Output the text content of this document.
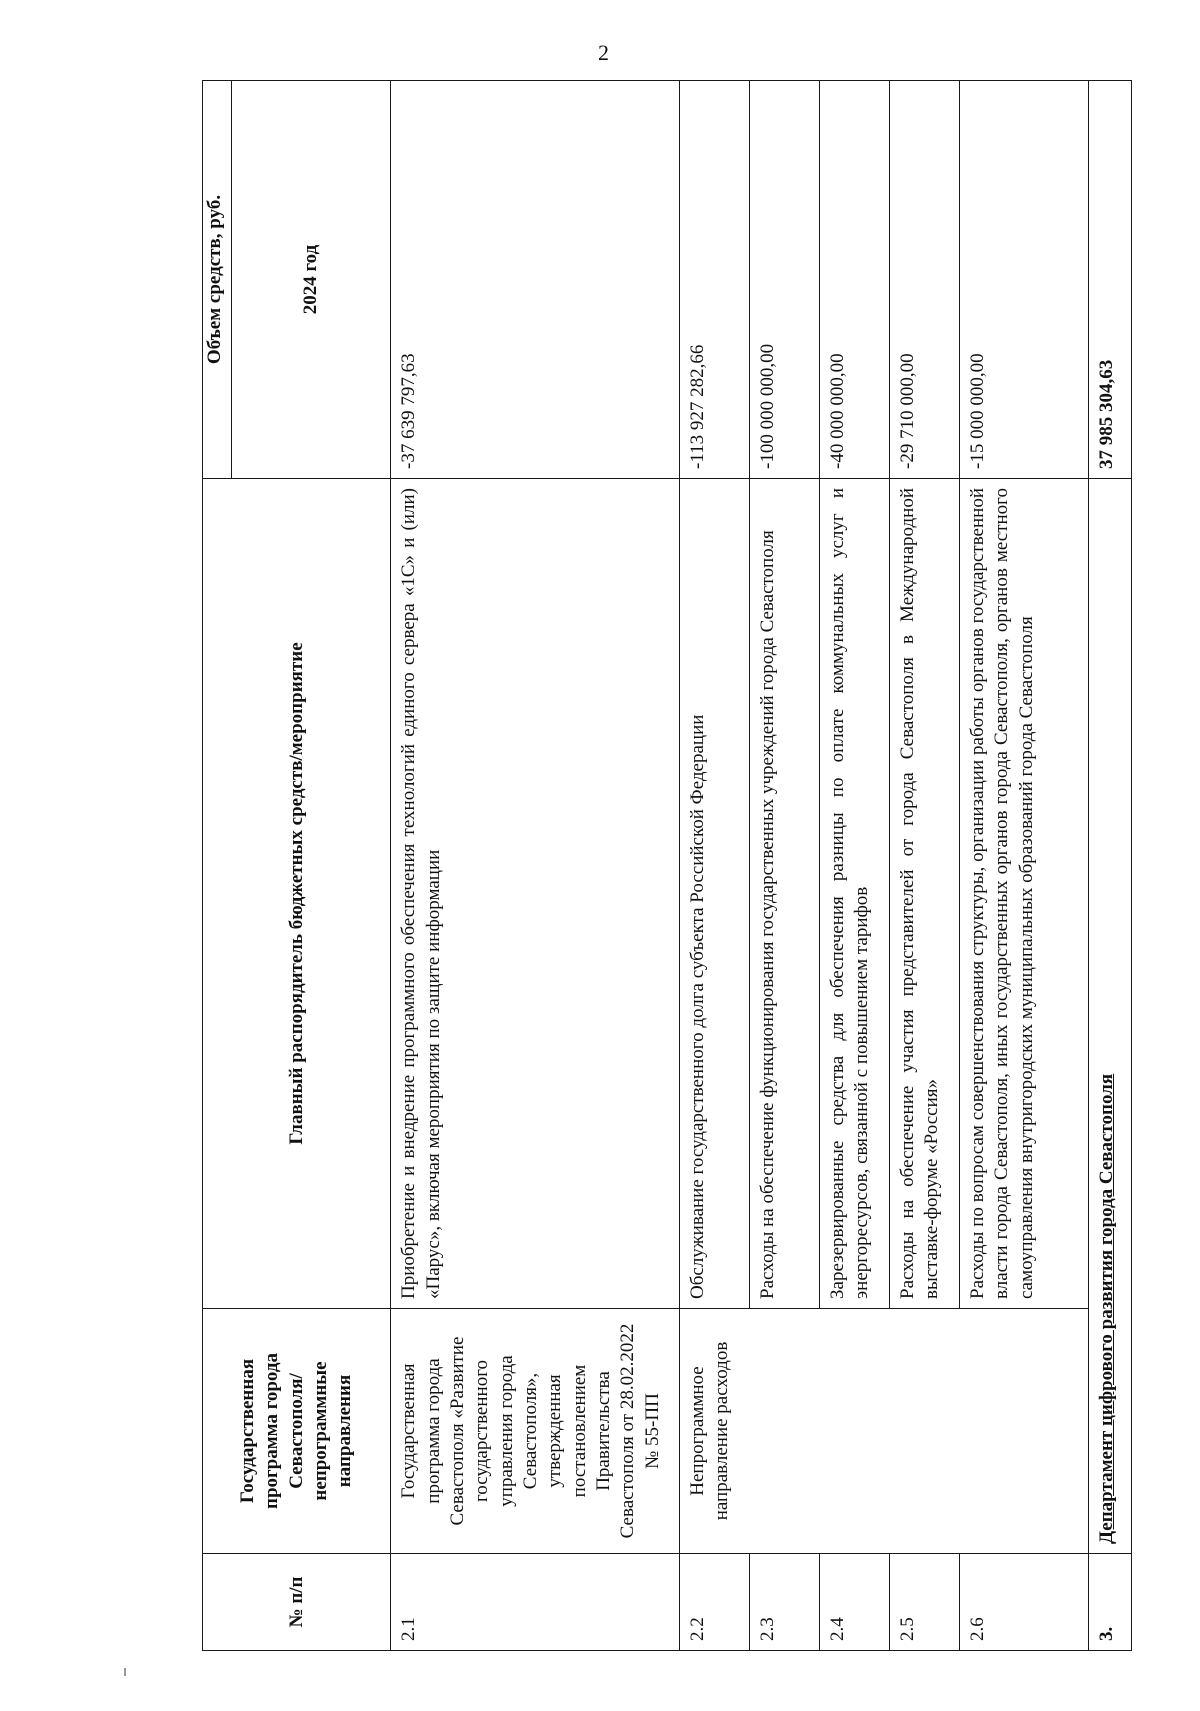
2
№ п/п	Государственная программа города Севастополя/ непрограммные направления	Главный распорядитель бюджетных средств/мероприятие	Объем средств, руб. 2024 год

2.1	Государственная программа города Севастополя «Развитие государственного управления города Севастополя», утвержденная постановлением Правительства Севастополя от 28.02.2022 № 55-ПП	Приобретение и внедрение программного обеспечения технологий единого сервера «1С» и (или) «Парус», включая мероприятия по защите информации	-37 639 797,63
2.2	Непрограммное направление расходов	Обслуживание государственного долга субъекта Российской Федерации	-113 927 282,66
2.3		Расходы на обеспечение функционирования государственных учреждений города Севастополя	-100 000 000,00
2.4		Зарезервированные средства для обеспечения разницы по оплате коммунальных услуг и энергоресурсов, связанной с повышением тарифов	-40 000 000,00
2.5		Расходы на обеспечение участия представителей от города Севастополя в Международной выставке-форуме «Россия»	-29 710 000,00
2.6		Расходы по вопросам совершенствования структуры, организации работы органов государственной власти города Севастополя, иных государственных органов города Севастополя, органов местного самоуправления внутригородских муниципальных образований города Севастополя	-15 000 000,00
3.	Департамент цифрового развития города Севастополя		37 985 304,63
